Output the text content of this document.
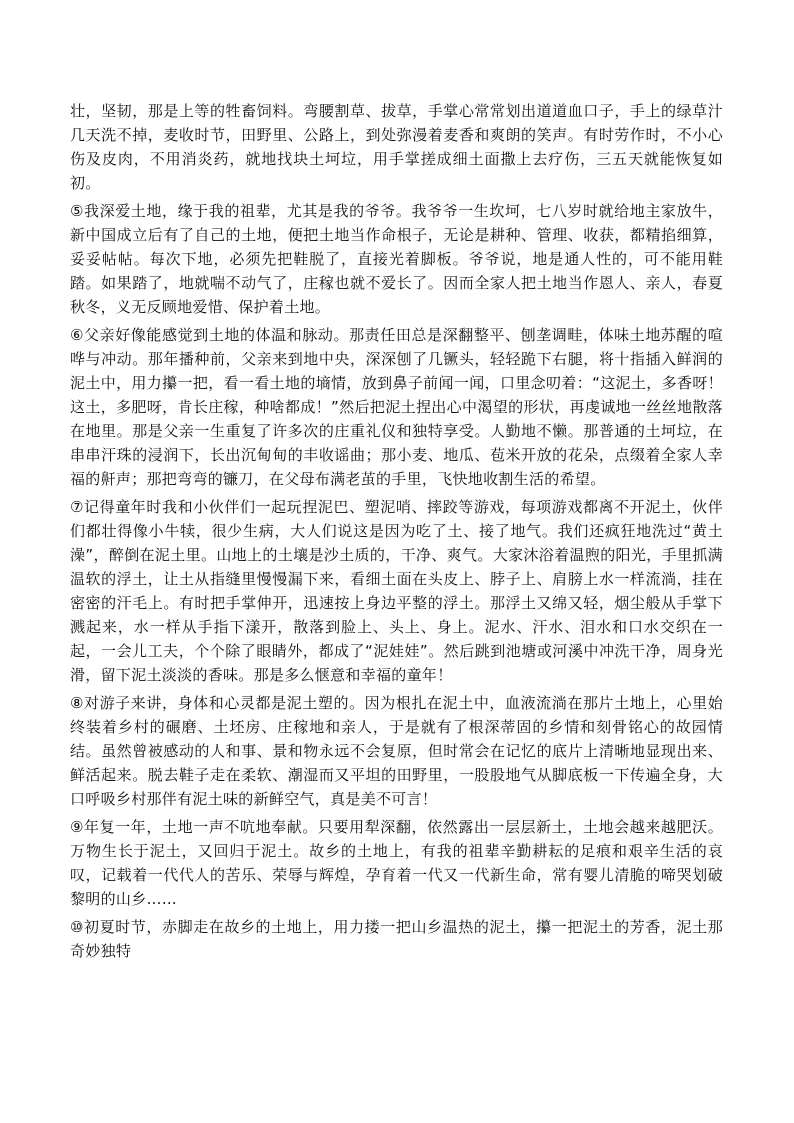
壮，坚韧，那是上等的牲畜饲料。弯腰割草、拔草，手掌心常常划出道道血口子，手上的绿草汁几天洗不掉，麦收时节，田野里、公路上，到处弥漫着麦香和爽朗的笑声。有时劳作时，不小心伤及皮肉，不用消炎药，就地找块土坷垃，用手掌搓成细土面撒上去疗伤，三五天就能恢复如初。

⑤我深爱土地，缘于我的祖辈，尤其是我的爷爷。我爷爷一生坎坷，七八岁时就给地主家放牛，新中国成立后有了自己的土地，便把土地当作命根子，无论是耕种、管理、收获，都精掐细算，妥妥帖帖。每次下地，必须先把鞋脱了，直接光着脚板。爷爷说，地是通人性的，可不能用鞋踏。如果踏了，地就喘不动气了，庄稼也就不爱长了。因而全家人把土地当作恩人、亲人，春夏秋冬，义无反顾地爱惜、保护着土地。

⑥父亲好像能感觉到土地的体温和脉动。那责任田总是深翻整平、刨垄调畦，体味土地苏醒的喧哗与冲动。那年播种前，父亲来到地中央，深深刨了几镢头，轻轻跪下右腿，将十指插入鲜润的泥土中，用力攥一把，看一看土地的墒情，放到鼻子前闻一闻，口里念叨着：“这泥土，多香呀！这土，多肥呀，肯长庄稼，种啥都成！”然后把泥土捏出心中渴望的形状，再虔诚地一丝丝地散落在地里。那是父亲一生重复了许多次的庄重礼仪和独特享受。人勤地不懒。那普通的土坷垃，在串串汗珠的浸润下，长出沉甸甸的丰收谣曲；那小麦、地瓜、苞米开放的花朵，点缀着全家人幸福的鼾声；那把弯弯的镰刀，在父母布满老茧的手里，飞快地收割生活的希望。

⑦记得童年时我和小伙伴们一起玩捏泥巴、塑泥哨、摔跤等游戏，每项游戏都离不开泥土，伙伴们都壮得像小牛犊，很少生病，大人们说这是因为吃了土、接了地气。我们还疯狂地洗过“黄土澡”，醉倒在泥土里。山地上的土壤是沙土质的，干净、爽气。大家沐浴着温煦的阳光，手里抓满温软的浮土，让土从指缝里慢慢漏下来，看细土面在头皮上、脖子上、肩膀上水一样流淌，挂在密密的汗毛上。有时把手掌伸开，迅速按上身边平整的浮土。那浮土又绵又轻，烟尘般从手掌下溅起来，水一样从手指下漾开，散落到脸上、头上、身上。泥水、汗水、泪水和口水交织在一起，一会儿工夫，个个除了眼睛外，都成了“泥娃娃”。然后跳到池塘或河溪中冲洗干净，周身光滑，留下泥土淡淡的香味。那是多么惬意和幸福的童年！

⑧对游子来讲，身体和心灵都是泥土塑的。因为根扎在泥土中，血液流淌在那片土地上，心里始终装着乡村的碾磨、土坯房、庄稼地和亲人，于是就有了根深蒂固的乡情和刻骨铭心的故园情结。虽然曾被感动的人和事、景和物永远不会复原，但时常会在记忆的底片上清晰地显现出来、鲜活起来。脱去鞋子走在柔软、潮湿而又平坦的田野里，一股股地气从脚底板一下传遍全身，大口呼吸乡村那伴有泥土味的新鲜空气，真是美不可言！

⑨年复一年，土地一声不吭地奉献。只要用犁深翻，依然露出一层层新土，土地会越来越肥沃。万物生长于泥土，又回归于泥土。故乡的土地上，有我的祖辈辛勤耕耘的足痕和艰辛生活的哀叹，记载着一代代人的苦乐、荣辱与辉煌，孕育着一代又一代新生命，常有婴儿清脆的啼哭划破黎明的山乡……

⑩初夏时节，赤脚走在故乡的土地上，用力搂一把山乡温热的泥土，攥一把泥土的芳香，泥土那奇妙独特
